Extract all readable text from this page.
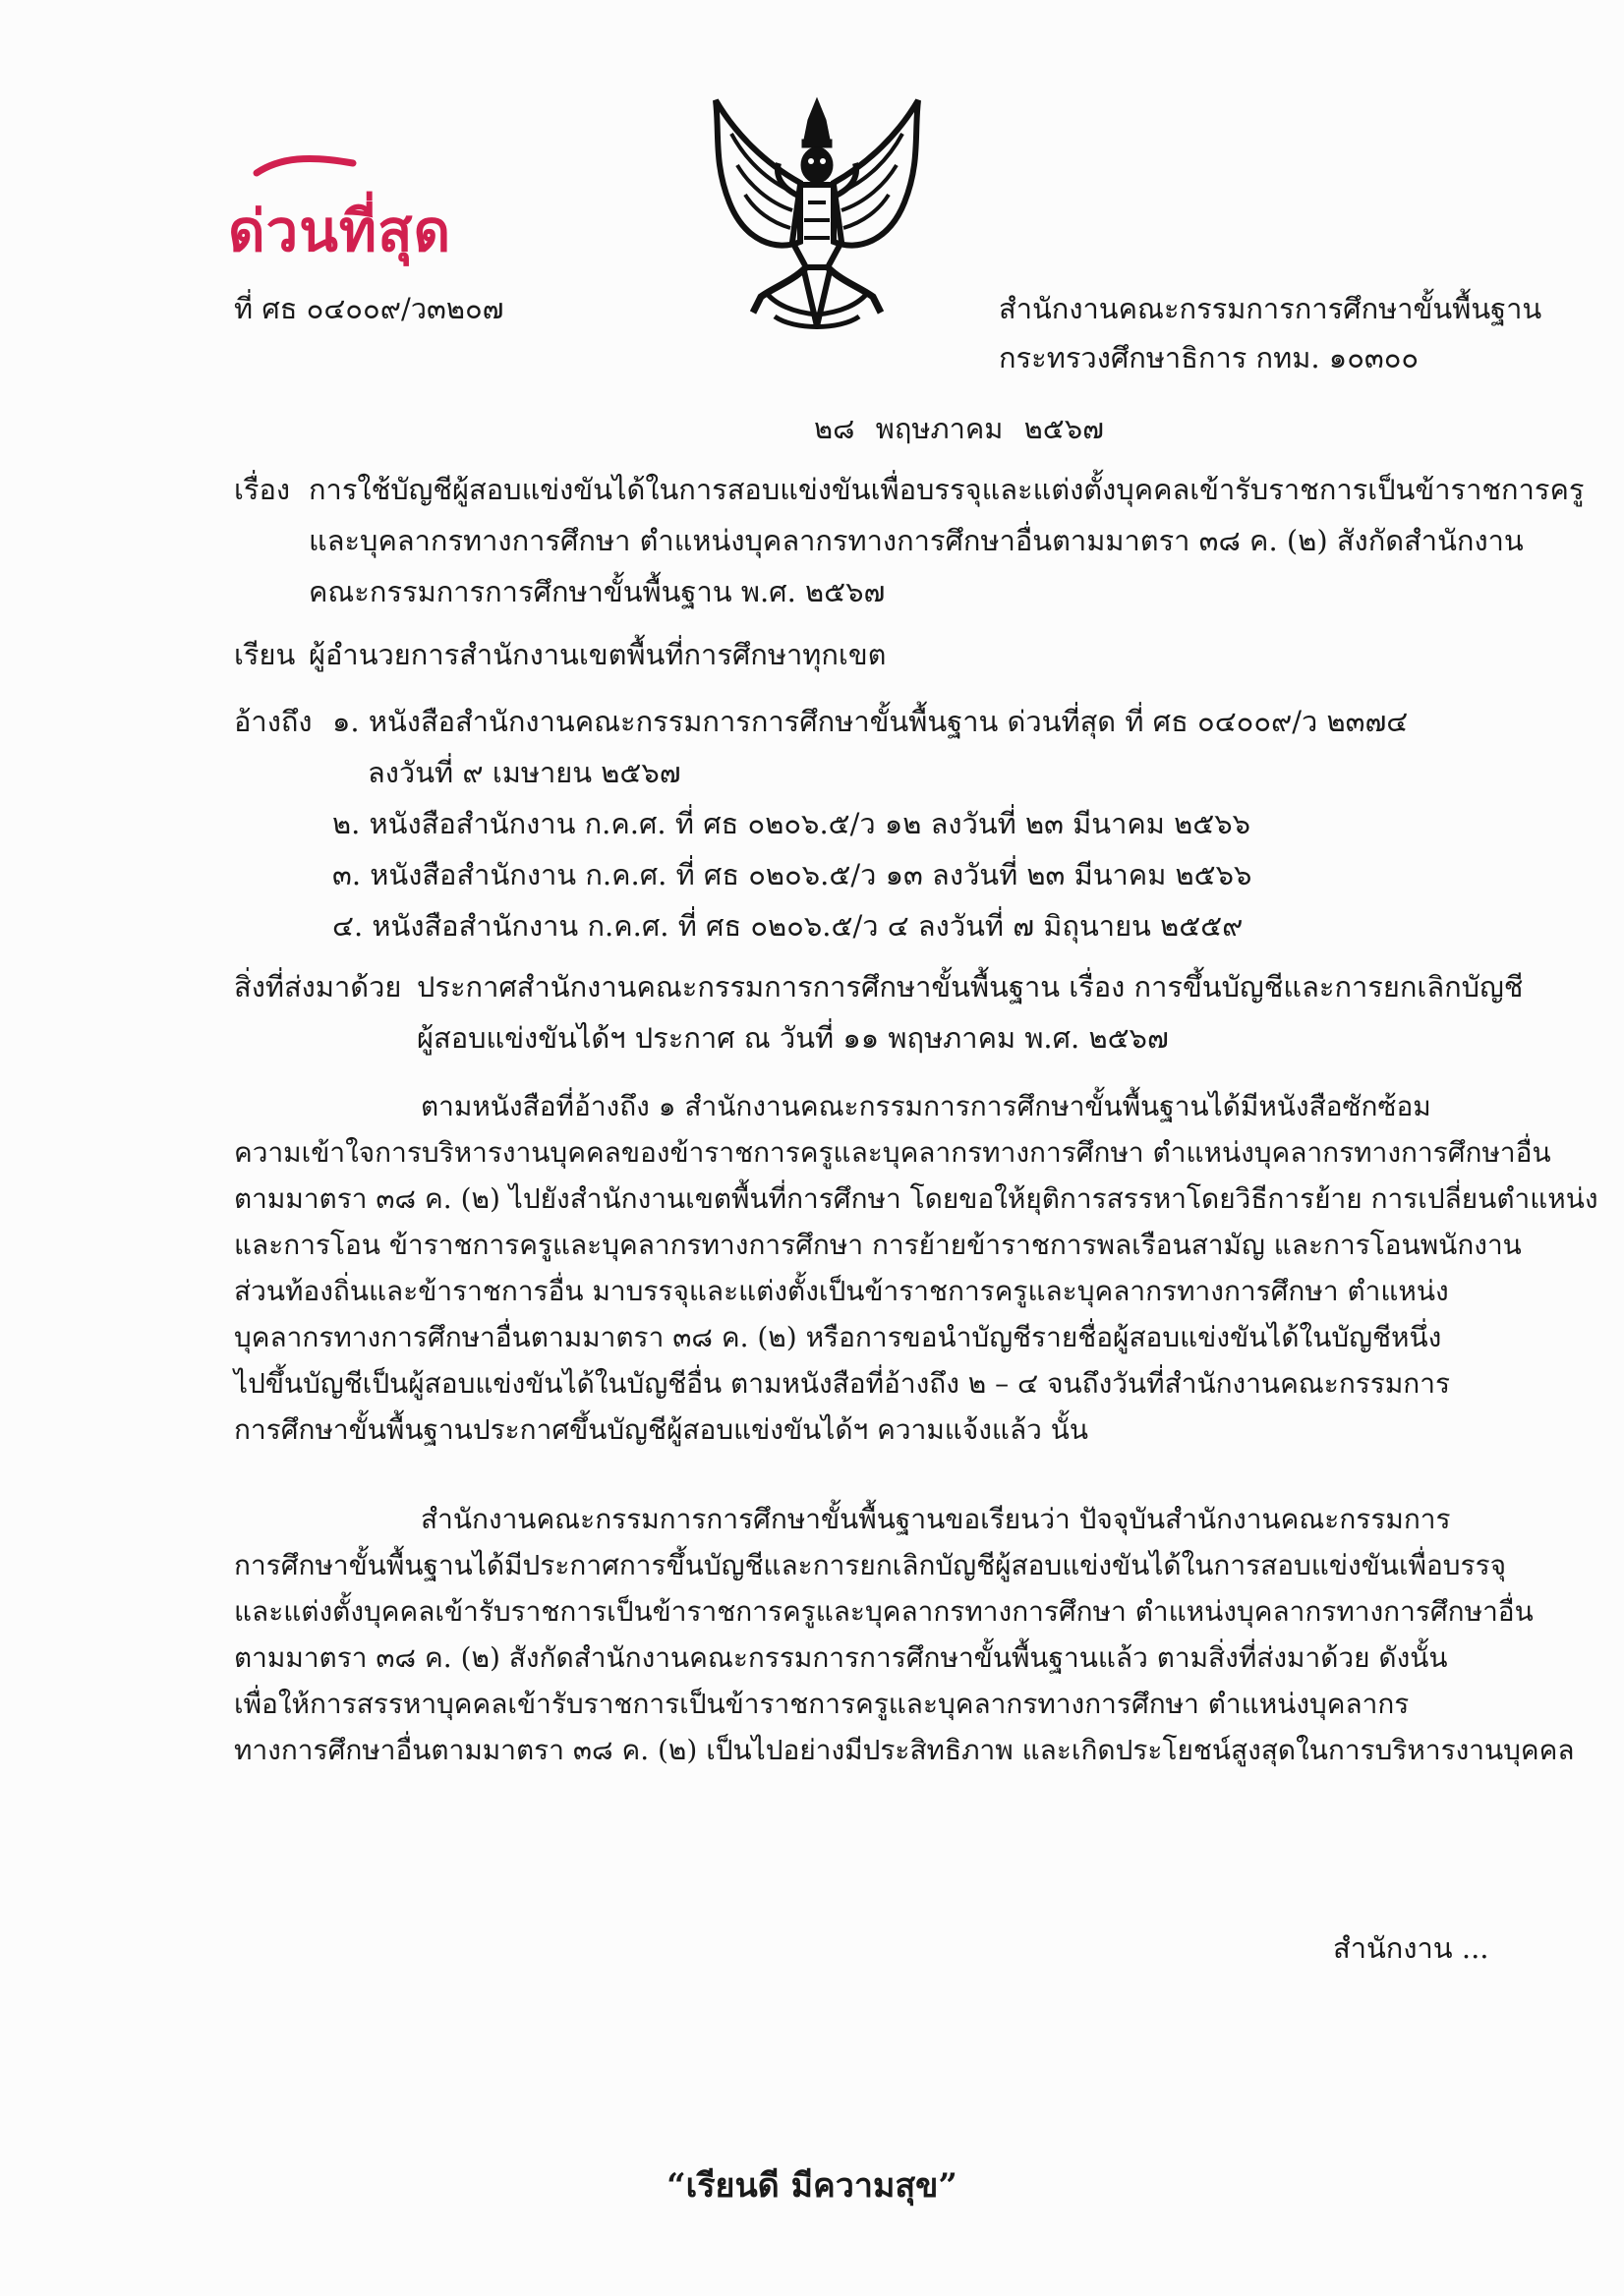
ด่วนที่สุด
ที่ ศธ ๐๔๐๐๙/ว๓๒๐๗	สำนักงานคณะกรรมการการศึกษาขั้นพื้นฐาน
กระทรวงศึกษาธิการ กทม. ๑๐๓๐๐
๒๘ พฤษภาคม ๒๕๖๗
เรื่อง การใช้บัญชีผู้สอบแข่งขันได้ในการสอบแข่งขันเพื่อบรรจุและแต่งตั้งบุคคลเข้ารับราชการเป็นข้าราชการครู
และบุคลากรทางการศึกษา ตำแหน่งบุคลากรทางการศึกษาอื่นตามมาตรา ๓๘ ค. (๒) สังกัดสำนักงาน
คณะกรรมการการศึกษาขั้นพื้นฐาน พ.ศ. ๒๕๖๗
เรียน ผู้อำนวยการสำนักงานเขตพื้นที่การศึกษาทุกเขต
อ้างถึง ๑. หนังสือสำนักงานคณะกรรมการการศึกษาขั้นพื้นฐาน ด่วนที่สุด ที่ ศธ ๐๔๐๐๙/ว ๒๓๗๔
ลงวันที่ ๙ เมษายน ๒๕๖๗
๒. หนังสือสำนักงาน ก.ค.ศ. ที่ ศธ ๐๒๐๖.๕/ว ๑๒ ลงวันที่ ๒๓ มีนาคม ๒๕๖๖
๓. หนังสือสำนักงาน ก.ค.ศ. ที่ ศธ ๐๒๐๖.๕/ว ๑๓ ลงวันที่ ๒๓ มีนาคม ๒๕๖๖
๔. หนังสือสำนักงาน ก.ค.ศ. ที่ ศธ ๐๒๐๖.๕/ว ๔ ลงวันที่ ๗ มิถุนายน ๒๕๕๙
สิ่งที่ส่งมาด้วย ประกาศสำนักงานคณะกรรมการการศึกษาขั้นพื้นฐาน เรื่อง การขึ้นบัญชีและการยกเลิกบัญชี
ผู้สอบแข่งขันได้ฯ ประกาศ ณ วันที่ ๑๑ พฤษภาคม พ.ศ. ๒๕๖๗
ตามหนังสือที่อ้างถึง ๑ สำนักงานคณะกรรมการการศึกษาขั้นพื้นฐานได้มีหนังสือซักซ้อม
ความเข้าใจการบริหารงานบุคคลของข้าราชการครูและบุคลากรทางการศึกษา ตำแหน่งบุคลากรทางการศึกษาอื่น
ตามมาตรา ๓๘ ค. (๒) ไปยังสำนักงานเขตพื้นที่การศึกษา โดยขอให้ยุติการสรรหาโดยวิธีการย้าย การเปลี่ยนตำแหน่ง
และการโอน ข้าราชการครูและบุคลากรทางการศึกษา การย้ายข้าราชการพลเรือนสามัญ และการโอนพนักงาน
ส่วนท้องถิ่นและข้าราชการอื่น มาบรรจุและแต่งตั้งเป็นข้าราชการครูและบุคลากรทางการศึกษา ตำแหน่ง
บุคลากรทางการศึกษาอื่นตามมาตรา ๓๘ ค. (๒) หรือการขอนำบัญชีรายชื่อผู้สอบแข่งขันได้ในบัญชีหนึ่ง
ไปขึ้นบัญชีเป็นผู้สอบแข่งขันได้ในบัญชีอื่น ตามหนังสือที่อ้างถึง ๒ – ๔ จนถึงวันที่สำนักงานคณะกรรมการ
การศึกษาขั้นพื้นฐานประกาศขึ้นบัญชีผู้สอบแข่งขันได้ฯ ความแจ้งแล้ว นั้น
สำนักงานคณะกรรมการการศึกษาขั้นพื้นฐานขอเรียนว่า ปัจจุบันสำนักงานคณะกรรมการ
การศึกษาขั้นพื้นฐานได้มีประกาศการขึ้นบัญชีและการยกเลิกบัญชีผู้สอบแข่งขันได้ในการสอบแข่งขันเพื่อบรรจุ
และแต่งตั้งบุคคลเข้ารับราชการเป็นข้าราชการครูและบุคลากรทางการศึกษา ตำแหน่งบุคลากรทางการศึกษาอื่น
ตามมาตรา ๓๘ ค. (๒) สังกัดสำนักงานคณะกรรมการการศึกษาขั้นพื้นฐานแล้ว ตามสิ่งที่ส่งมาด้วย ดังนั้น
เพื่อให้การสรรหาบุคคลเข้ารับราชการเป็นข้าราชการครูและบุคลากรทางการศึกษา ตำแหน่งบุคลากร
ทางการศึกษาอื่นตามมาตรา ๓๘ ค. (๒) เป็นไปอย่างมีประสิทธิภาพ และเกิดประโยชน์สูงสุดในการบริหารงานบุคคล
สำนักงาน ...
“เรียนดี มีความสุข”
